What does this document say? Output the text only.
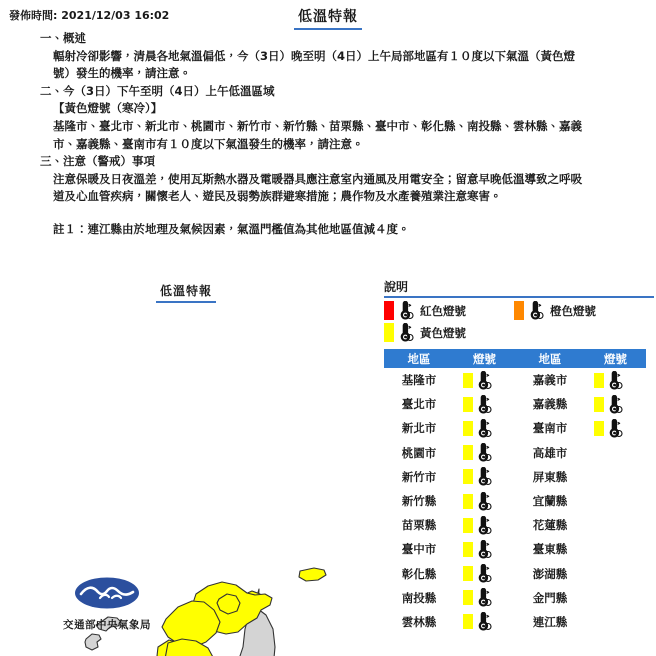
發佈時間: 2021/12/03 16:02	低溫特報

一、概述

輻射冷卻影響，清晨各地氣溫偏低，今（3日）晚至明（4日）上午局部地區有１０度以下氣溫（黃色燈

號）發生的機率，請注意。

二、今（3日）下午至明（4日）上午低溫區域

【黃色燈號（寒冷）】

基隆市、臺北市、新北市、桃園市、新竹市、新竹縣、苗栗縣、臺中市、彰化縣、南投縣、雲林縣、嘉義

市、嘉義縣、臺南市有１０度以下氣溫發生的機率，請注意。

三、注意（警戒）事項

注意保暖及日夜溫差，使用瓦斯熱水器及電暖器具應注意室內通風及用電安全；留意早晚低溫導致之呼吸

道及心血管疾病，關懷老人、遊民及弱勢族群避寒措施；農作物及水產養殖業注意寒害。

註１：連江縣由於地理及氣候因素，氣溫門檻值為其他地區值減４度。

低溫特報
交通部中央氣象局
說明
紅色燈號	橙色燈號
黃色燈號
地區	燈號
基隆市
臺北市
新北市
桃園市
新竹市
新竹縣
苗栗縣
臺中市
彰化縣
南投縣
雲林縣
地區	燈號
嘉義市
嘉義縣
臺南市
高雄市
屏東縣
宜蘭縣
花蓮縣
臺東縣
澎湖縣
金門縣
連江縣
